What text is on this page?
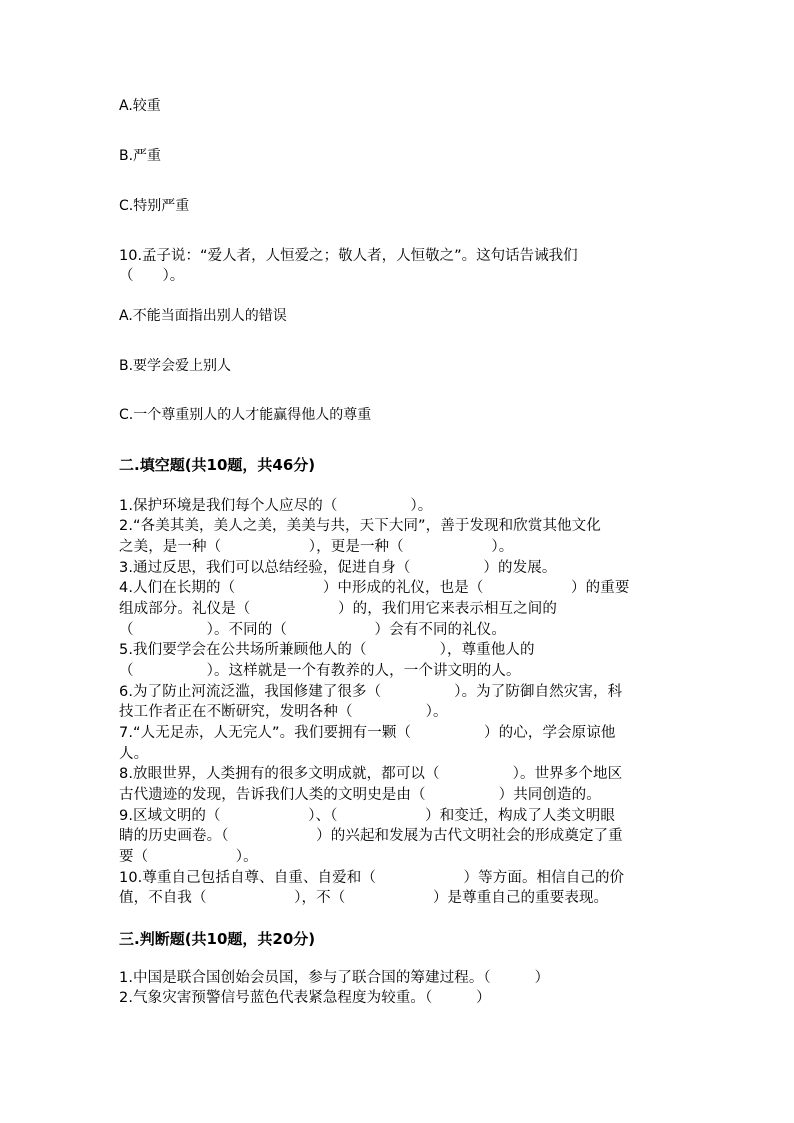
A.较重
B.严重
C.特别严重
10.孟子说：“爱人者，人恒爱之；敬人者，人恒敬之”。这句话告诫我们
（　　）。
A.不能当面指出别人的错误
B.要学会爱上别人
C.一个尊重别人的人才能赢得他人的尊重
二.填空题(共10题，共46分)
1.保护环境是我们每个人应尽的（　　　　　）。
2.“各美其美，美人之美，美美与共，天下大同”，善于发现和欣赏其他文化
之美，是一种（　　　　　　），更是一种（　　　　　　）。
3.通过反思，我们可以总结经验，促进自身（　　　　　）的发展。
4.人们在长期的（　　　　　　）中形成的礼仪，也是（　　　　　　）的重要
组成部分。礼仪是（　　　　　　）的，我们用它来表示相互之间的
（　　　　　）。不同的（　　　　　　）会有不同的礼仪。
5.我们要学会在公共场所兼顾他人的（　　　　　），尊重他人的
（　　　　　）。这样就是一个有教养的人，一个讲文明的人。
6.为了防止河流泛滥，我国修建了很多（　　　　　）。为了防御自然灾害，科
技工作者正在不断研究，发明各种（　　　　　）。
7.“人无足赤，人无完人”。我们要拥有一颗（　　　　　）的心，学会原谅他
人。
8.放眼世界，人类拥有的很多文明成就，都可以（　　　　　）。世界多个地区
古代遗迹的发现，告诉我们人类的文明史是由（　　　　　）共同创造的。
9.区域文明的（　　　　　　）、（　　　　　　）和变迁，构成了人类文明眼
睛的历史画卷。（　　　　　　）的兴起和发展为古代文明社会的形成奠定了重
要（　　　　　　）。
10.尊重自己包括自尊、自重、自爱和（　　　　　　）等方面。相信自己的价
值，不自我（　　　　　　），不（　　　　　　）是尊重自己的重要表现。
三.判断题(共10题，共20分)
1.中国是联合国创始会员国，参与了联合国的筹建过程。（　　　）
2.气象灾害预警信号蓝色代表紧急程度为较重。（　　　）
